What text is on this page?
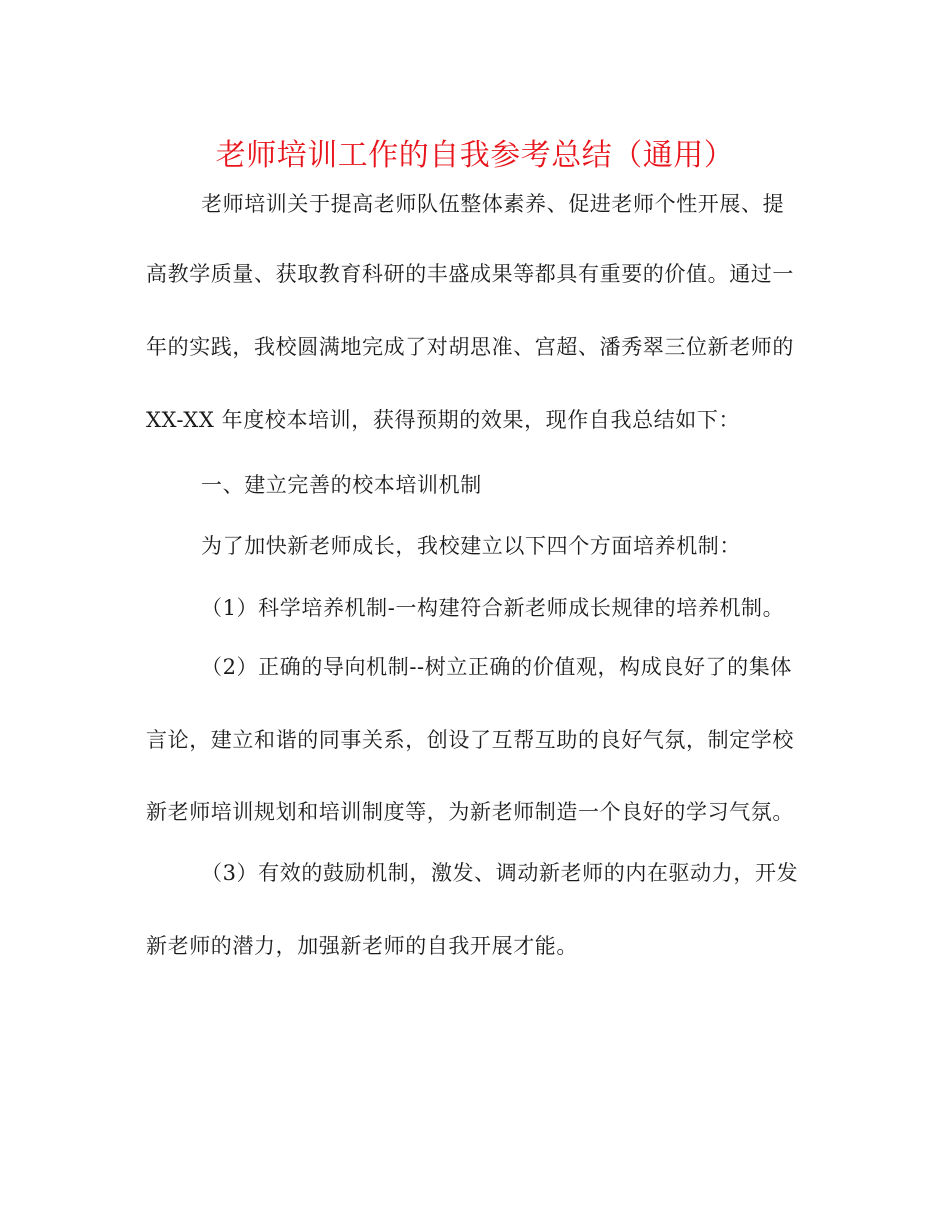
老师培训工作的自我参考总结（通用）
老师培训关于提高老师队伍整体素养、促进老师个性开展、提
高教学质量、获取教育科研的丰盛成果等都具有重要的价值。通过一
年的实践，我校圆满地完成了对胡思准、宫超、潘秀翠三位新老师的
XX-XX 年度校本培训，获得预期的效果，现作自我总结如下：
一、建立完善的校本培训机制
为了加快新老师成长，我校建立以下四个方面培养机制：
（1）科学培养机制-一构建符合新老师成长规律的培养机制。
（2）正确的导向机制--树立正确的价值观，构成良好了的集体
言论，建立和谐的同事关系，创设了互帮互助的良好气氛，制定学校
新老师培训规划和培训制度等，为新老师制造一个良好的学习气氛。
（3）有效的鼓励机制，激发、调动新老师的内在驱动力，开发
新老师的潜力，加强新老师的自我开展才能。
